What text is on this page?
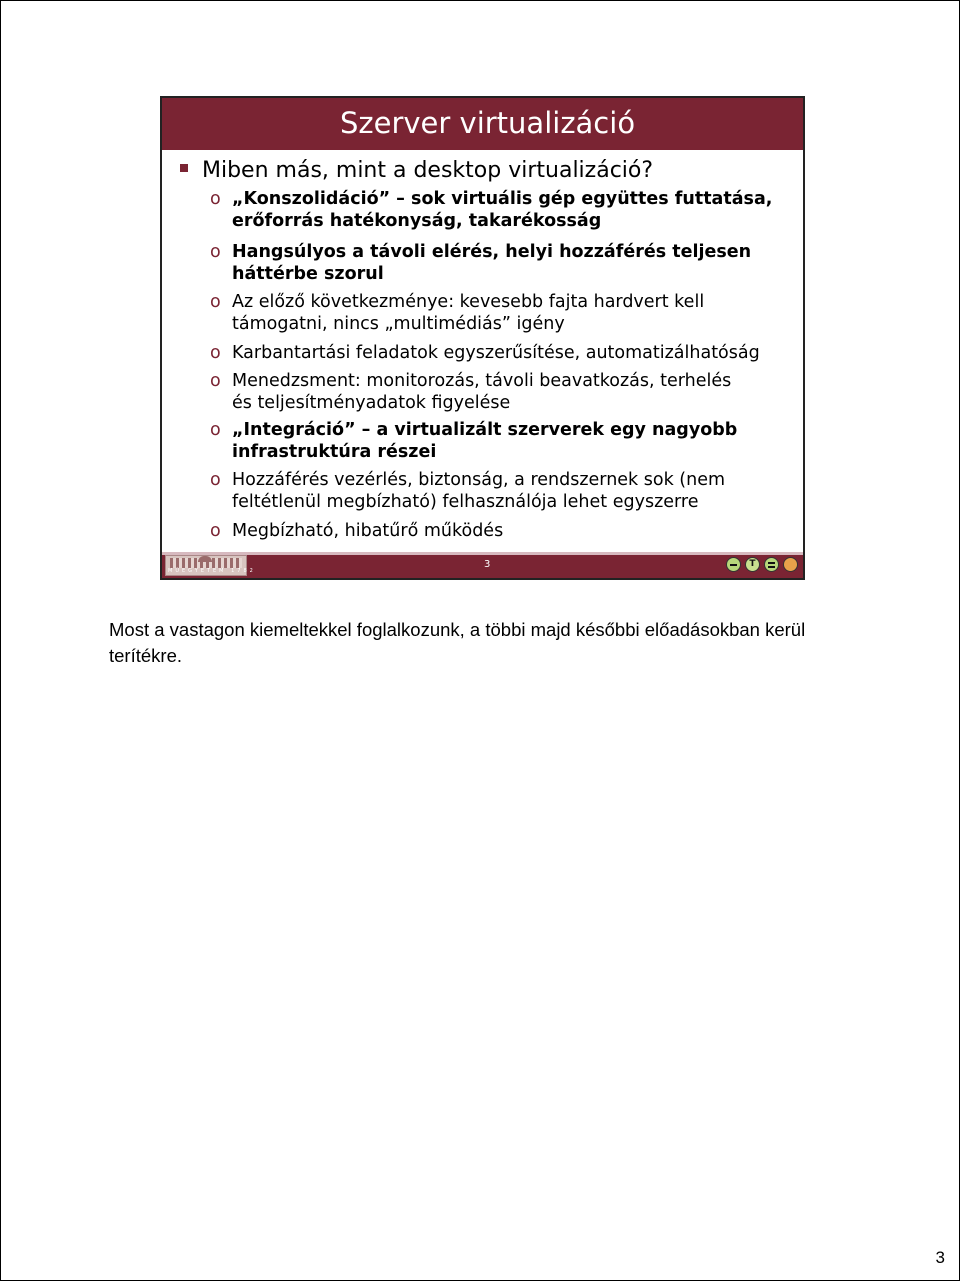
Szerver virtualizáció
Miben más, mint a desktop virtualizáció?
o „Konszolidáció” – sok virtuális gép együttes futtatása,
erőforrás hatékonyság, takarékosság
o Hangsúlyos a távoli elérés, helyi hozzáférés teljesen
háttérbe szorul
o Az előző következménye: kevesebb fajta hardvert kell
támogatni, nincs „multimédiás” igény
o Karbantartási feladatok egyszerűsítése, automatizálhatóság
o Menedzsment: monitorozás, távoli beavatkozás, terhelés
és teljesítményadatok figyelése
o „Integráció” – a virtualizált szerverek egy nagyobb
infrastruktúra részei
o Hozzáférés vezérlés, biztonság, a rendszernek sok (nem
feltétlenül megbízható) felhasználója lehet egyszerre
o Megbízható, hibatűrő működés
MŰEGYETEM 1782
3	T
Most a vastagon kiemeltekkel foglalkozunk, a többi majd későbbi előadásokban kerül
terítékre.
3
